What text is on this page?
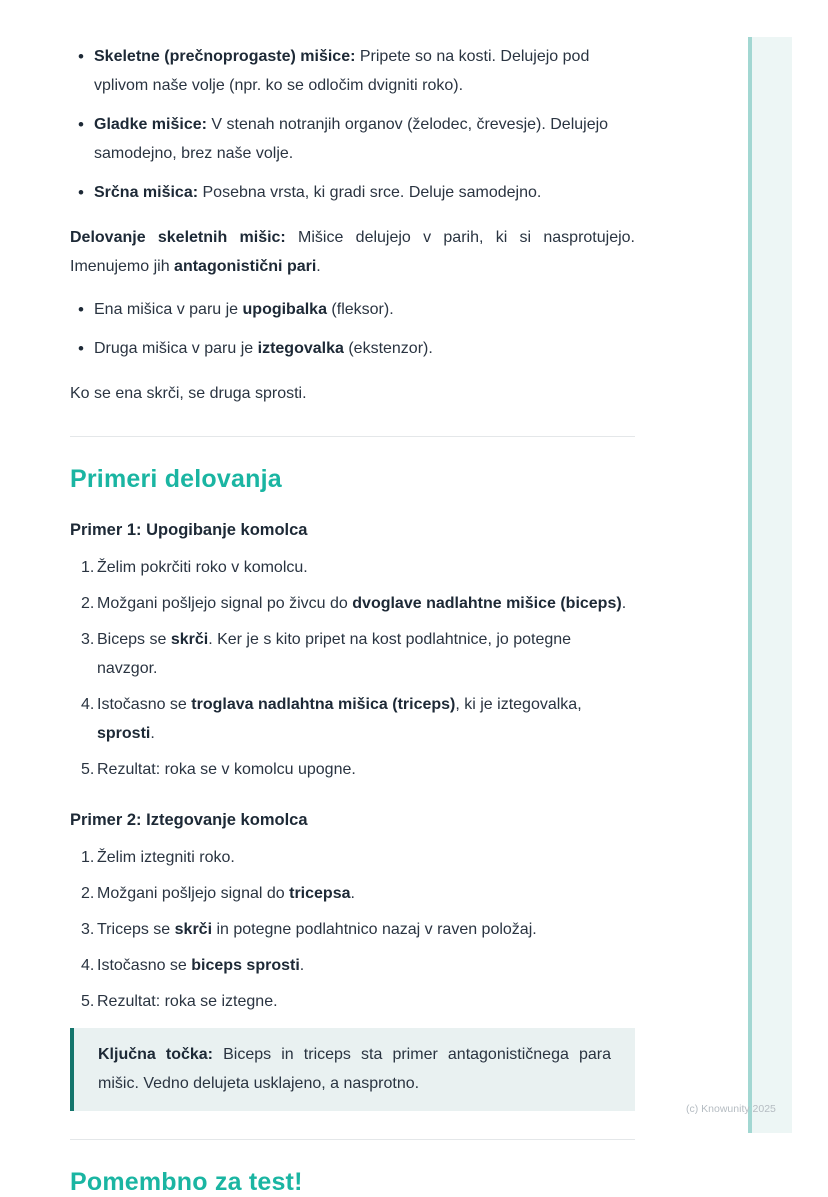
• Skeletne (prečnoprogaste) mišice: Pripete so na kosti. Delujejo pod vplivom naše volje (npr. ko se odločim dvigniti roko).
• Gladke mišice: V stenah notranjih organov (želodec, črevesje). Delujejo samodejno, brez naše volje.
• Srčna mišica: Posebna vrsta, ki gradi srce. Deluje samodejno.

Delovanje skeletnih mišic: Mišice delujejo v parih, ki si nasprotujejo. Imenujemo jih antagonistični pari.

• Ena mišica v paru je upogibalka (fleksor).
• Druga mišica v paru je iztegovalka (ekstenzor).

Ko se ena skrči, se druga sprosti.

Primeri delovanja
Primer 1: Upogibanje komolca
Želim pokrčiti roko v komolcu.
Možgani pošljejo signal po živcu do dvoglave nadlahtne mišice (biceps).
Biceps se skrči. Ker je s kito pripet na kost podlahtnice, jo potegne navzgor.
Istočasno se troglava nadlahtna mišica (triceps), ki je iztegovalka, sprosti.
Rezultat: roka se v komolcu upogne.
Primer 2: Iztegovanje komolca
Želim iztegniti roko.
Možgani pošljejo signal do tricepsa.
Triceps se skrči in potegne podlahtnico nazaj v raven položaj.
Istočasno se biceps sprosti.
Rezultat: roka se iztegne.
Ključna točka: Biceps in triceps sta primer antagonističnega para mišic. Vedno delujeta usklajeno, a nasprotno.
Pomembno za test!
(c) Knowunity 2025
